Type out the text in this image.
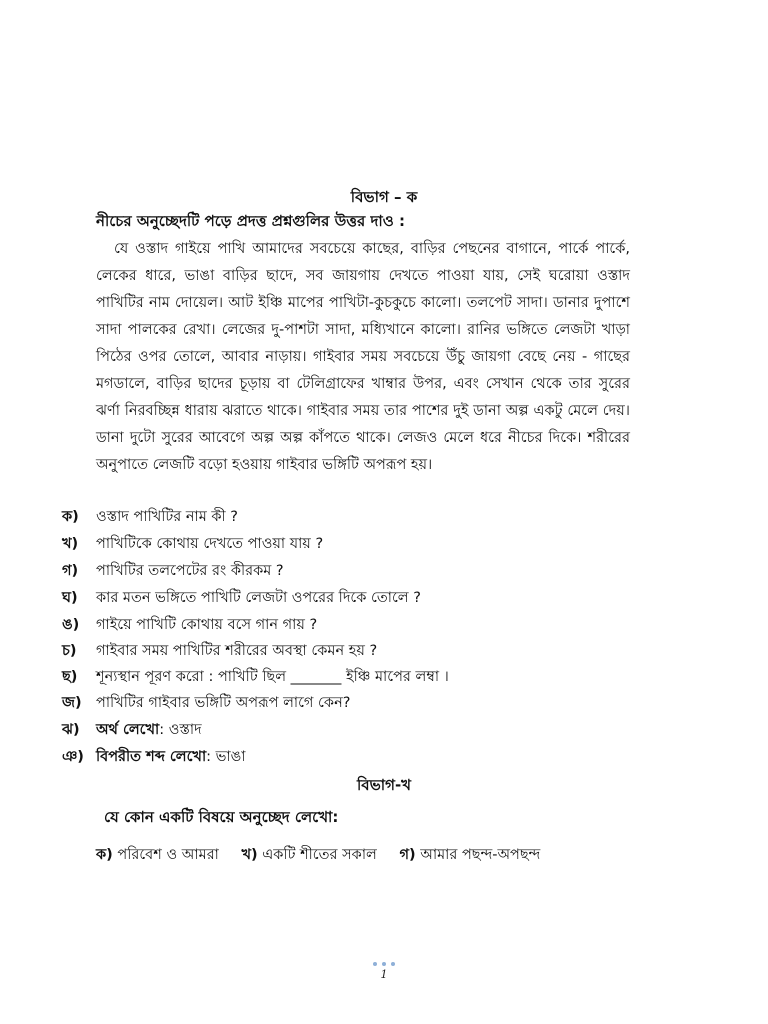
বিভাগ – ক
নীচের অনুচ্ছেদটি পড়ে প্রদত্ত প্রশ্নগুলির উত্তর দাও :

যে ওস্তাদ গাইয়ে পাখি আমাদের সবচেয়ে কাছের, বাড়ির পেছনের বাগানে, পার্কে পার্কে, লেকের ধারে, ভাঙা বাড়ির ছাদে, সব জায়গায় দেখতে পাওয়া যায়, সেই ঘরোয়া ওস্তাদ পাখিটির নাম দোয়েল। আট ইঞ্চি মাপের পাখিটা-কুচকুচে কালো। তলপেট সাদা। ডানার দুপাশে সাদা পালকের রেখা। লেজের দু-পাশটা সাদা, মধ্যিখানে কালো। রানির ভঙ্গিতে লেজটা খাড়া পিঠের ওপর তোলে, আবার নাড়ায়। গাইবার সময় সবচেয়ে উঁচু জায়গা বেছে নেয় - গাছের মগডালে, বাড়ির ছাদের চূড়ায় বা টেলিগ্রাফের খাম্বার উপর, এবং সেখান থেকে তার সুরের ঝর্ণা নিরবচ্ছিন্ন ধারায় ঝরাতে থাকে। গাইবার সময় তার পাশের দুই ডানা অল্প একটু মেলে দেয়। ডানা দুটো সুরের আবেগে অল্প অল্প কাঁপতে থাকে। লেজও মেলে ধরে নীচের দিকে। শরীরের অনুপাতে লেজটি বড়ো হওয়ায় গাইবার ভঙ্গিটি অপরূপ হয়।

ক) ওস্তাদ পাখিটির নাম কী ?
খ) পাখিটিকে কোথায় দেখতে পাওয়া যায় ?
গ) পাখিটির তলপেটের রং কীরকম ?
ঘ) কার মতন ভঙ্গিতে পাখিটি লেজটা ওপরের দিকে তোলে ?
ঙ) গাইয়ে পাখিটি কোথায় বসে গান গায় ?
চ) গাইবার সময় পাখিটির শরীরের অবস্থা কেমন হয় ?
ছ) শূন্যস্থান পূরণ করো : পাখিটি ছিল _______ ইঞ্চি মাপের লম্বা ।
জ) পাখিটির গাইবার ভঙ্গিটি অপরূপ লাগে কেন?
ঝ) অর্থ লেখো: ওস্তাদ
ঞ) বিপরীত শব্দ লেখো: ভাঙা
বিভাগ-খ
যে কোন একটি বিষয়ে অনুচ্ছেদ লেখো:
ক) পরিবেশ ও আমরা খ) একটি শীতের সকাল গ) আমার পছন্দ-অপছন্দ
1
